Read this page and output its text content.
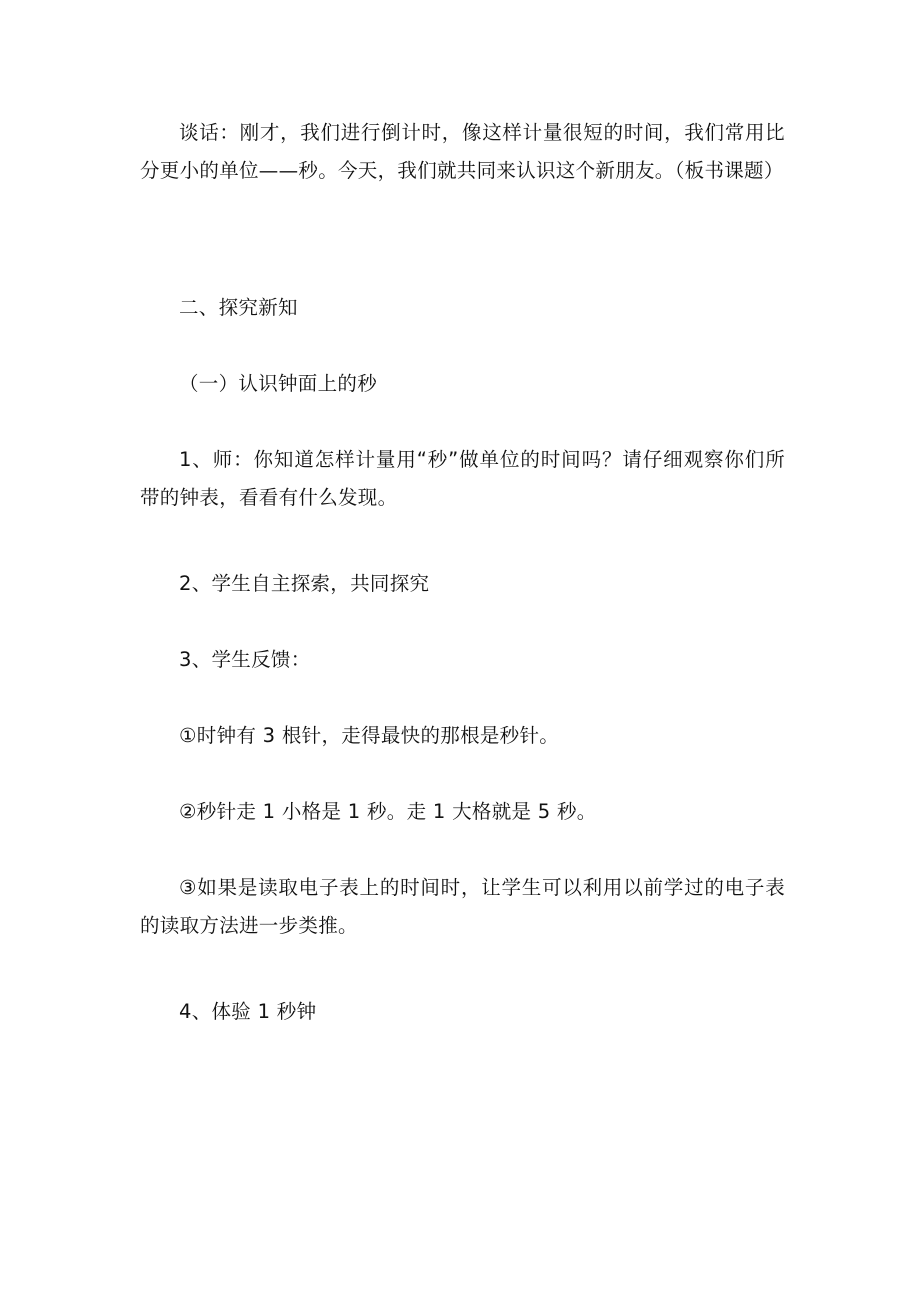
谈话：刚才，我们进行倒计时，像这样计量很短的时间，我们常用比分更小的单位——秒。今天，我们就共同来认识这个新朋友。（板书课题）

二、探究新知

（一）认识钟面上的秒

1、师：你知道怎样计量用“秒”做单位的时间吗？请仔细观察你们所带的钟表，看看有什么发现。

2、学生自主探索，共同探究

3、学生反馈：

①时钟有 3 根针，走得最快的那根是秒针。

②秒针走 1 小格是 1 秒。走 1 大格就是 5 秒。

③如果是读取电子表上的时间时，让学生可以利用以前学过的电子表的读取方法进一步类推。

4、体验 1 秒钟
